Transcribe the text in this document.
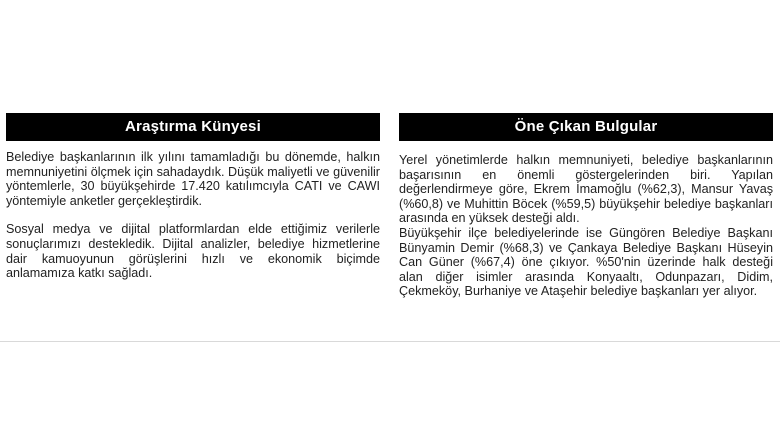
Araştırma Künyesi

Belediye başkanlarının ilk yılını tamamladığı bu dönemde, halkın memnuniyetini ölçmek için sahadaydık. Düşük maliyetli ve güvenilir yöntemlerle, 30 büyükşehirde 17.420 katılımcıyla CATI ve CAWI yöntemiyle anketler gerçekleştirdik.

Sosyal medya ve dijital platformlardan elde ettiğimiz verilerle sonuçlarımızı destekledik. Dijital analizler, belediye hizmetlerine dair kamuoyunun görüşlerini hızlı ve ekonomik biçimde anlamamıza katkı sağladı.

Öne Çıkan Bulgular

Yerel yönetimlerde halkın memnuniyeti, belediye başkanlarının başarısının en önemli göstergelerinden biri. Yapılan değerlendirmeye göre, Ekrem İmamoğlu (%62,3), Mansur Yavaş (%60,8) ve Muhittin Böcek (%59,5) büyükşehir belediye başkanları arasında en yüksek desteği aldı.

Büyükşehir ilçe belediyelerinde ise Güngören Belediye Başkanı Bünyamin Demir (%68,3) ve Çankaya Belediye Başkanı Hüseyin Can Güner (%67,4) öne çıkıyor. %50'nin üzerinde halk desteği alan diğer isimler arasında Konyaaltı, Odunpazarı, Didim, Çekmeköy, Burhaniye ve Ataşehir belediye başkanları yer alıyor.
